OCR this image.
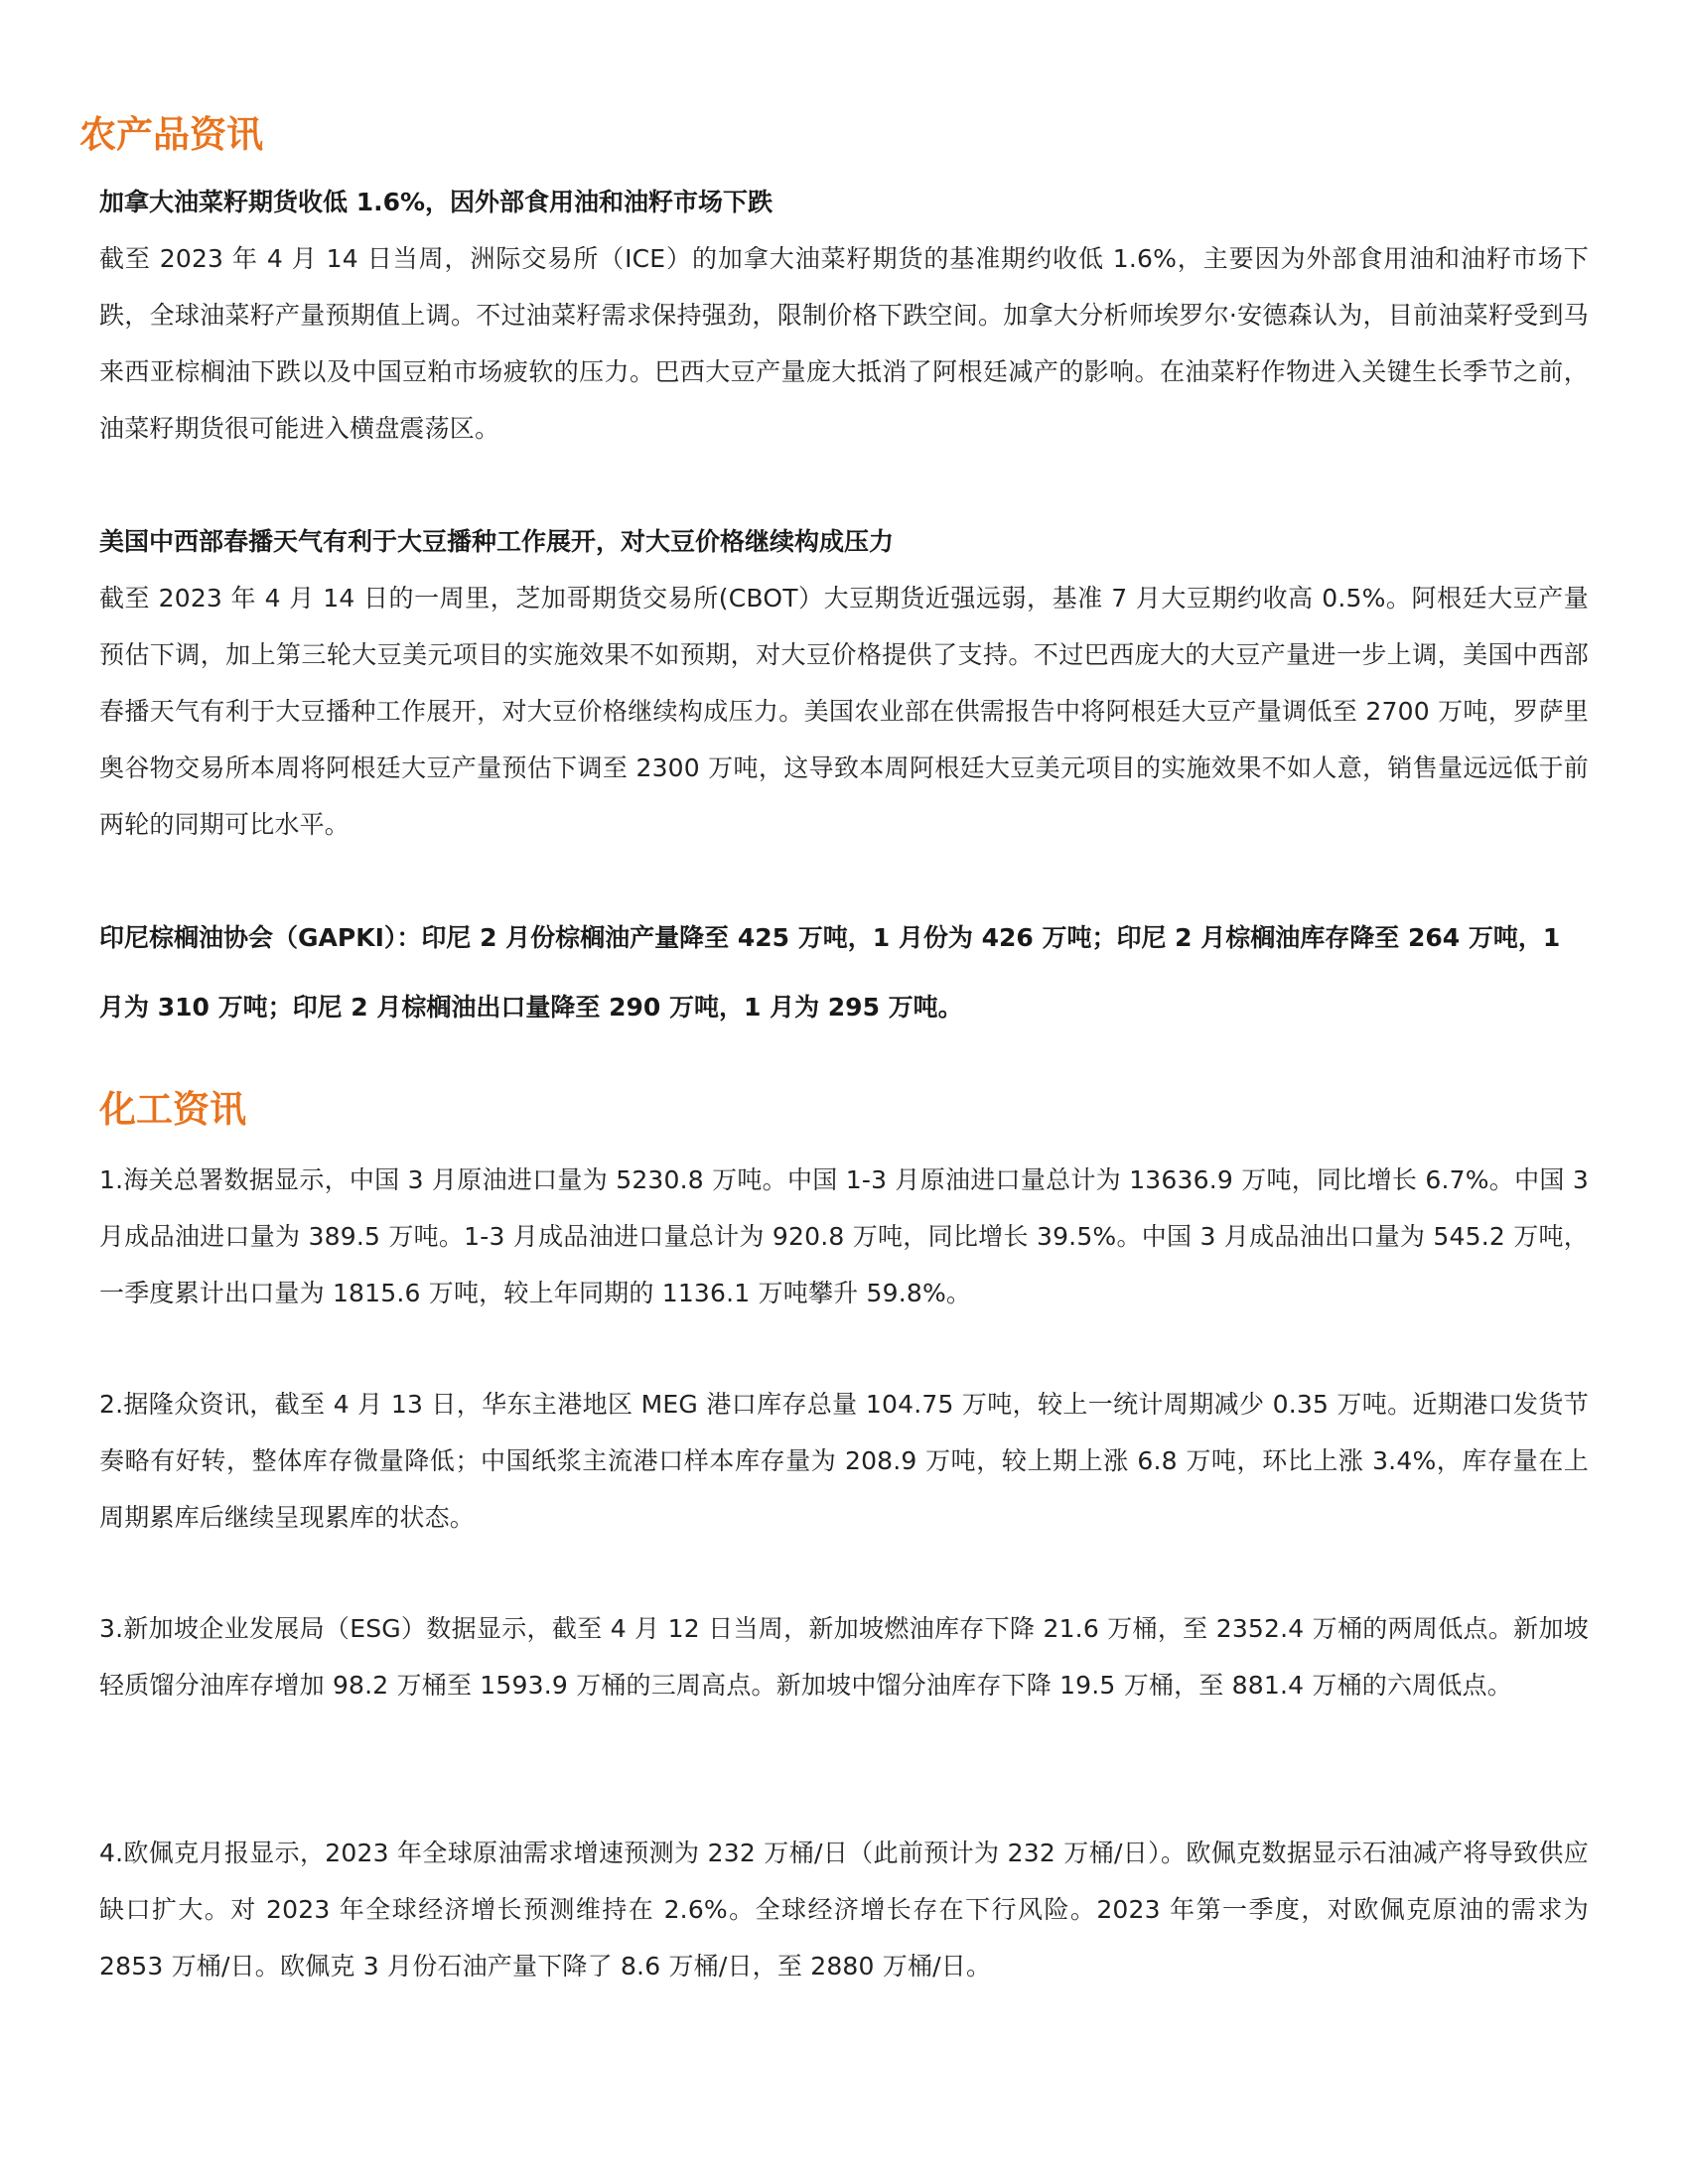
农产品资讯

加拿大油菜籽期货收低 1.6%，因外部食用油和油籽市场下跌

截至 2023 年 4 月 14 日当周，洲际交易所（ICE）的加拿大油菜籽期货的基准期约收低 1.6%，主要因为外部食用油和油籽市场下跌，全球油菜籽产量预期值上调。不过油菜籽需求保持强劲，限制价格下跌空间。加拿大分析师埃罗尔·安德森认为，目前油菜籽受到马来西亚棕榈油下跌以及中国豆粕市场疲软的压力。巴西大豆产量庞大抵消了阿根廷减产的影响。在油菜籽作物进入关键生长季节之前，油菜籽期货很可能进入横盘震荡区。

美国中西部春播天气有利于大豆播种工作展开，对大豆价格继续构成压力

截至 2023 年 4 月 14 日的一周里，芝加哥期货交易所(CBOT）大豆期货近强远弱，基准 7 月大豆期约收高 0.5%。阿根廷大豆产量预估下调，加上第三轮大豆美元项目的实施效果不如预期，对大豆价格提供了支持。不过巴西庞大的大豆产量进一步上调，美国中西部春播天气有利于大豆播种工作展开，对大豆价格继续构成压力。美国农业部在供需报告中将阿根廷大豆产量调低至 2700 万吨，罗萨里奥谷物交易所本周将阿根廷大豆产量预估下调至 2300 万吨，这导致本周阿根廷大豆美元项目的实施效果不如人意，销售量远远低于前两轮的同期可比水平。

印尼棕榈油协会（GAPKI）：印尼 2 月份棕榈油产量降至 425 万吨，1 月份为 426 万吨；印尼 2 月棕榈油库存降至 264 万吨，1 月为 310 万吨；印尼 2 月棕榈油出口量降至 290 万吨，1 月为 295 万吨。

化工资讯

1.海关总署数据显示，中国 3 月原油进口量为 5230.8 万吨。中国 1-3 月原油进口量总计为 13636.9 万吨，同比增长 6.7%。中国 3 月成品油进口量为 389.5 万吨。1-3 月成品油进口量总计为 920.8 万吨，同比增长 39.5%。中国 3 月成品油出口量为 545.2 万吨，一季度累计出口量为 1815.6 万吨，较上年同期的 1136.1 万吨攀升 59.8%。

2.据隆众资讯，截至 4 月 13 日，华东主港地区 MEG 港口库存总量 104.75 万吨，较上一统计周期减少 0.35 万吨。近期港口发货节奏略有好转，整体库存微量降低；中国纸浆主流港口样本库存量为 208.9 万吨，较上期上涨 6.8 万吨，环比上涨 3.4%，库存量在上周期累库后继续呈现累库的状态。

3.新加坡企业发展局（ESG）数据显示，截至 4 月 12 日当周，新加坡燃油库存下降 21.6 万桶，至 2352.4 万桶的两周低点。新加坡轻质馏分油库存增加 98.2 万桶至 1593.9 万桶的三周高点。新加坡中馏分油库存下降 19.5 万桶，至 881.4 万桶的六周低点。

4.欧佩克月报显示，2023 年全球原油需求增速预测为 232 万桶/日（此前预计为 232 万桶/日）。欧佩克数据显示石油减产将导致供应缺口扩大。对 2023 年全球经济增长预测维持在 2.6%。全球经济增长存在下行风险。2023 年第一季度，对欧佩克原油的需求为 2853 万桶/日。欧佩克 3 月份石油产量下降了 8.6 万桶/日，至 2880 万桶/日。
